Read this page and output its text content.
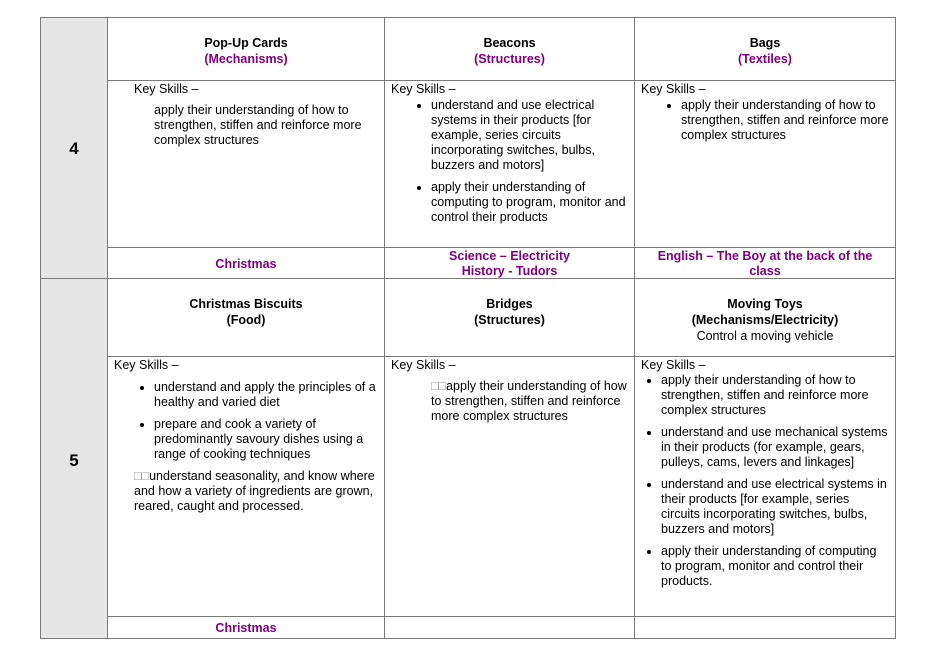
4
5
Pop-Up Cards
(Mechanisms)
Beacons
(Structures)
Bags
(Textiles)
Key Skills –
apply their understanding of how to strengthen, stiffen and reinforce more complex structures
Key Skills –
• understand and use electrical systems in their products [for example, series circuits incorporating switches, bulbs, buzzers and motors]
• apply their understanding of computing to program, monitor and control their products
Key Skills –
• apply their understanding of how to strengthen, stiffen and reinforce more complex structures
Christmas
Science – Electricity
History - Tudors
English – The Boy at the back of the class
Christmas Biscuits
(Food)
Bridges
(Structures)
Moving Toys
(Mechanisms/Electricity)
Control a moving vehicle
Key Skills –
• understand and apply the principles of a healthy and varied diet
• prepare and cook a variety of predominantly savoury dishes using a range of cooking techniques
□□understand seasonality, and know where and how a variety of ingredients are grown, reared, caught and processed.
Key Skills –
□□apply their understanding of how to strengthen, stiffen and reinforce more complex structures
Key Skills –
• apply their understanding of how to strengthen, stiffen and reinforce more complex structures
• understand and use mechanical systems in their products (for example, gears, pulleys, cams, levers and linkages]
• understand and use electrical systems in their products [for example, series circuits incorporating switches, bulbs, buzzers and motors]
• apply their understanding of computing to program, monitor and control their products.
Christmas
